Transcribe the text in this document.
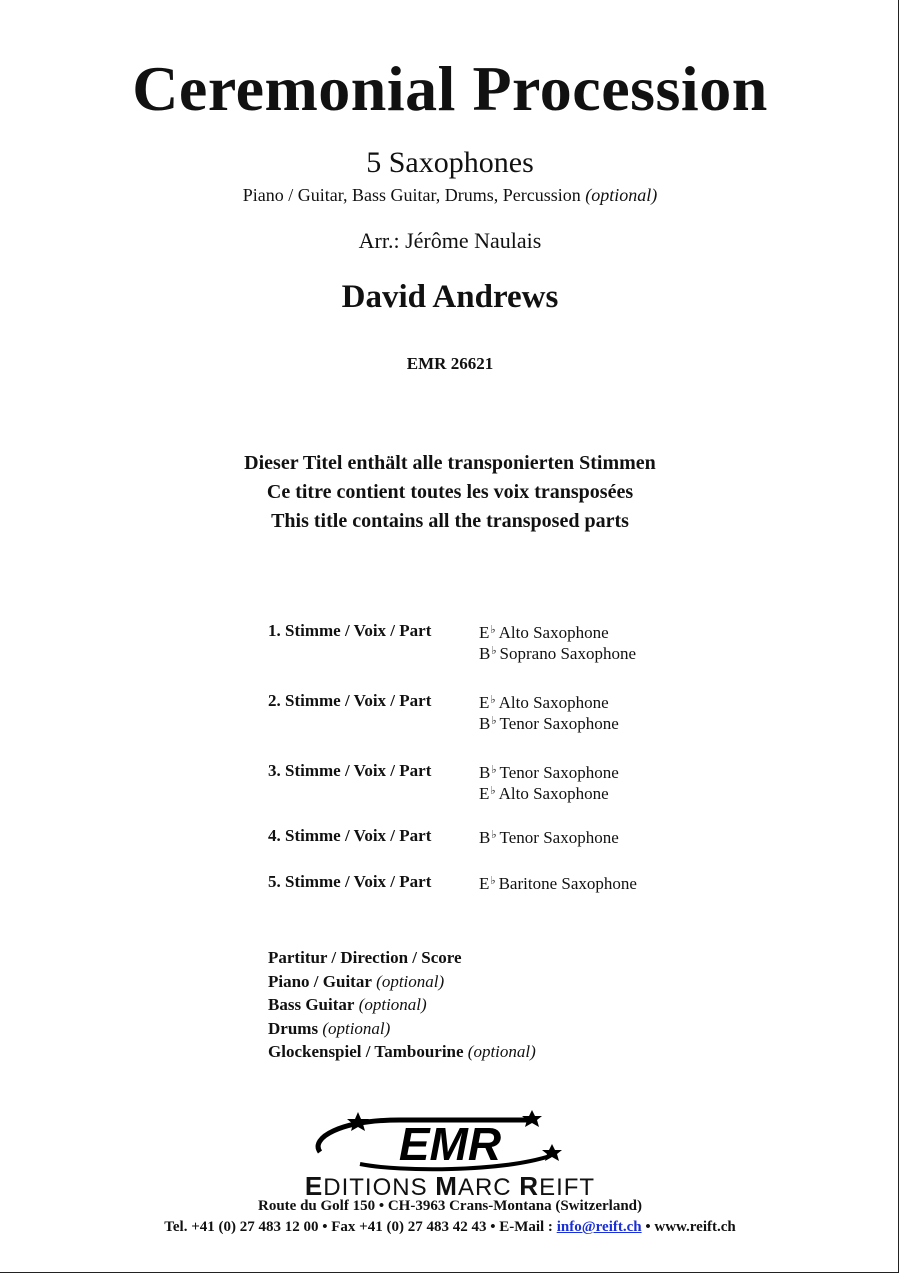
Ceremonial Procession
5 Saxophones
Piano / Guitar, Bass Guitar, Drums, Percussion (optional)
Arr.: Jérôme Naulais
David Andrews
EMR 26621
Dieser Titel enthält alle transponierten Stimmen
Ce titre contient toutes les voix transposées
This title contains all the transposed parts
1. Stimme / Voix / Part	E♭ Alto Saxophone
B♭ Soprano Saxophone
2. Stimme / Voix / Part	E♭ Alto Saxophone
B♭ Tenor Saxophone
3. Stimme / Voix / Part	B♭ Tenor Saxophone
E♭ Alto Saxophone
4. Stimme / Voix / Part	B♭ Tenor Saxophone
5. Stimme / Voix / Part	E♭ Baritone Saxophone
Partitur / Direction / Score
Piano / Guitar (optional)
Bass Guitar (optional)
Drums (optional)
Glockenspiel / Tambourine (optional)
EMR
EDITIONS MARC REIFT
Route du Golf 150 • CH-3963 Crans-Montana (Switzerland)
Tel. +41 (0) 27 483 12 00 • Fax +41 (0) 27 483 42 43 • E-Mail : info@reift.ch • www.reift.ch
